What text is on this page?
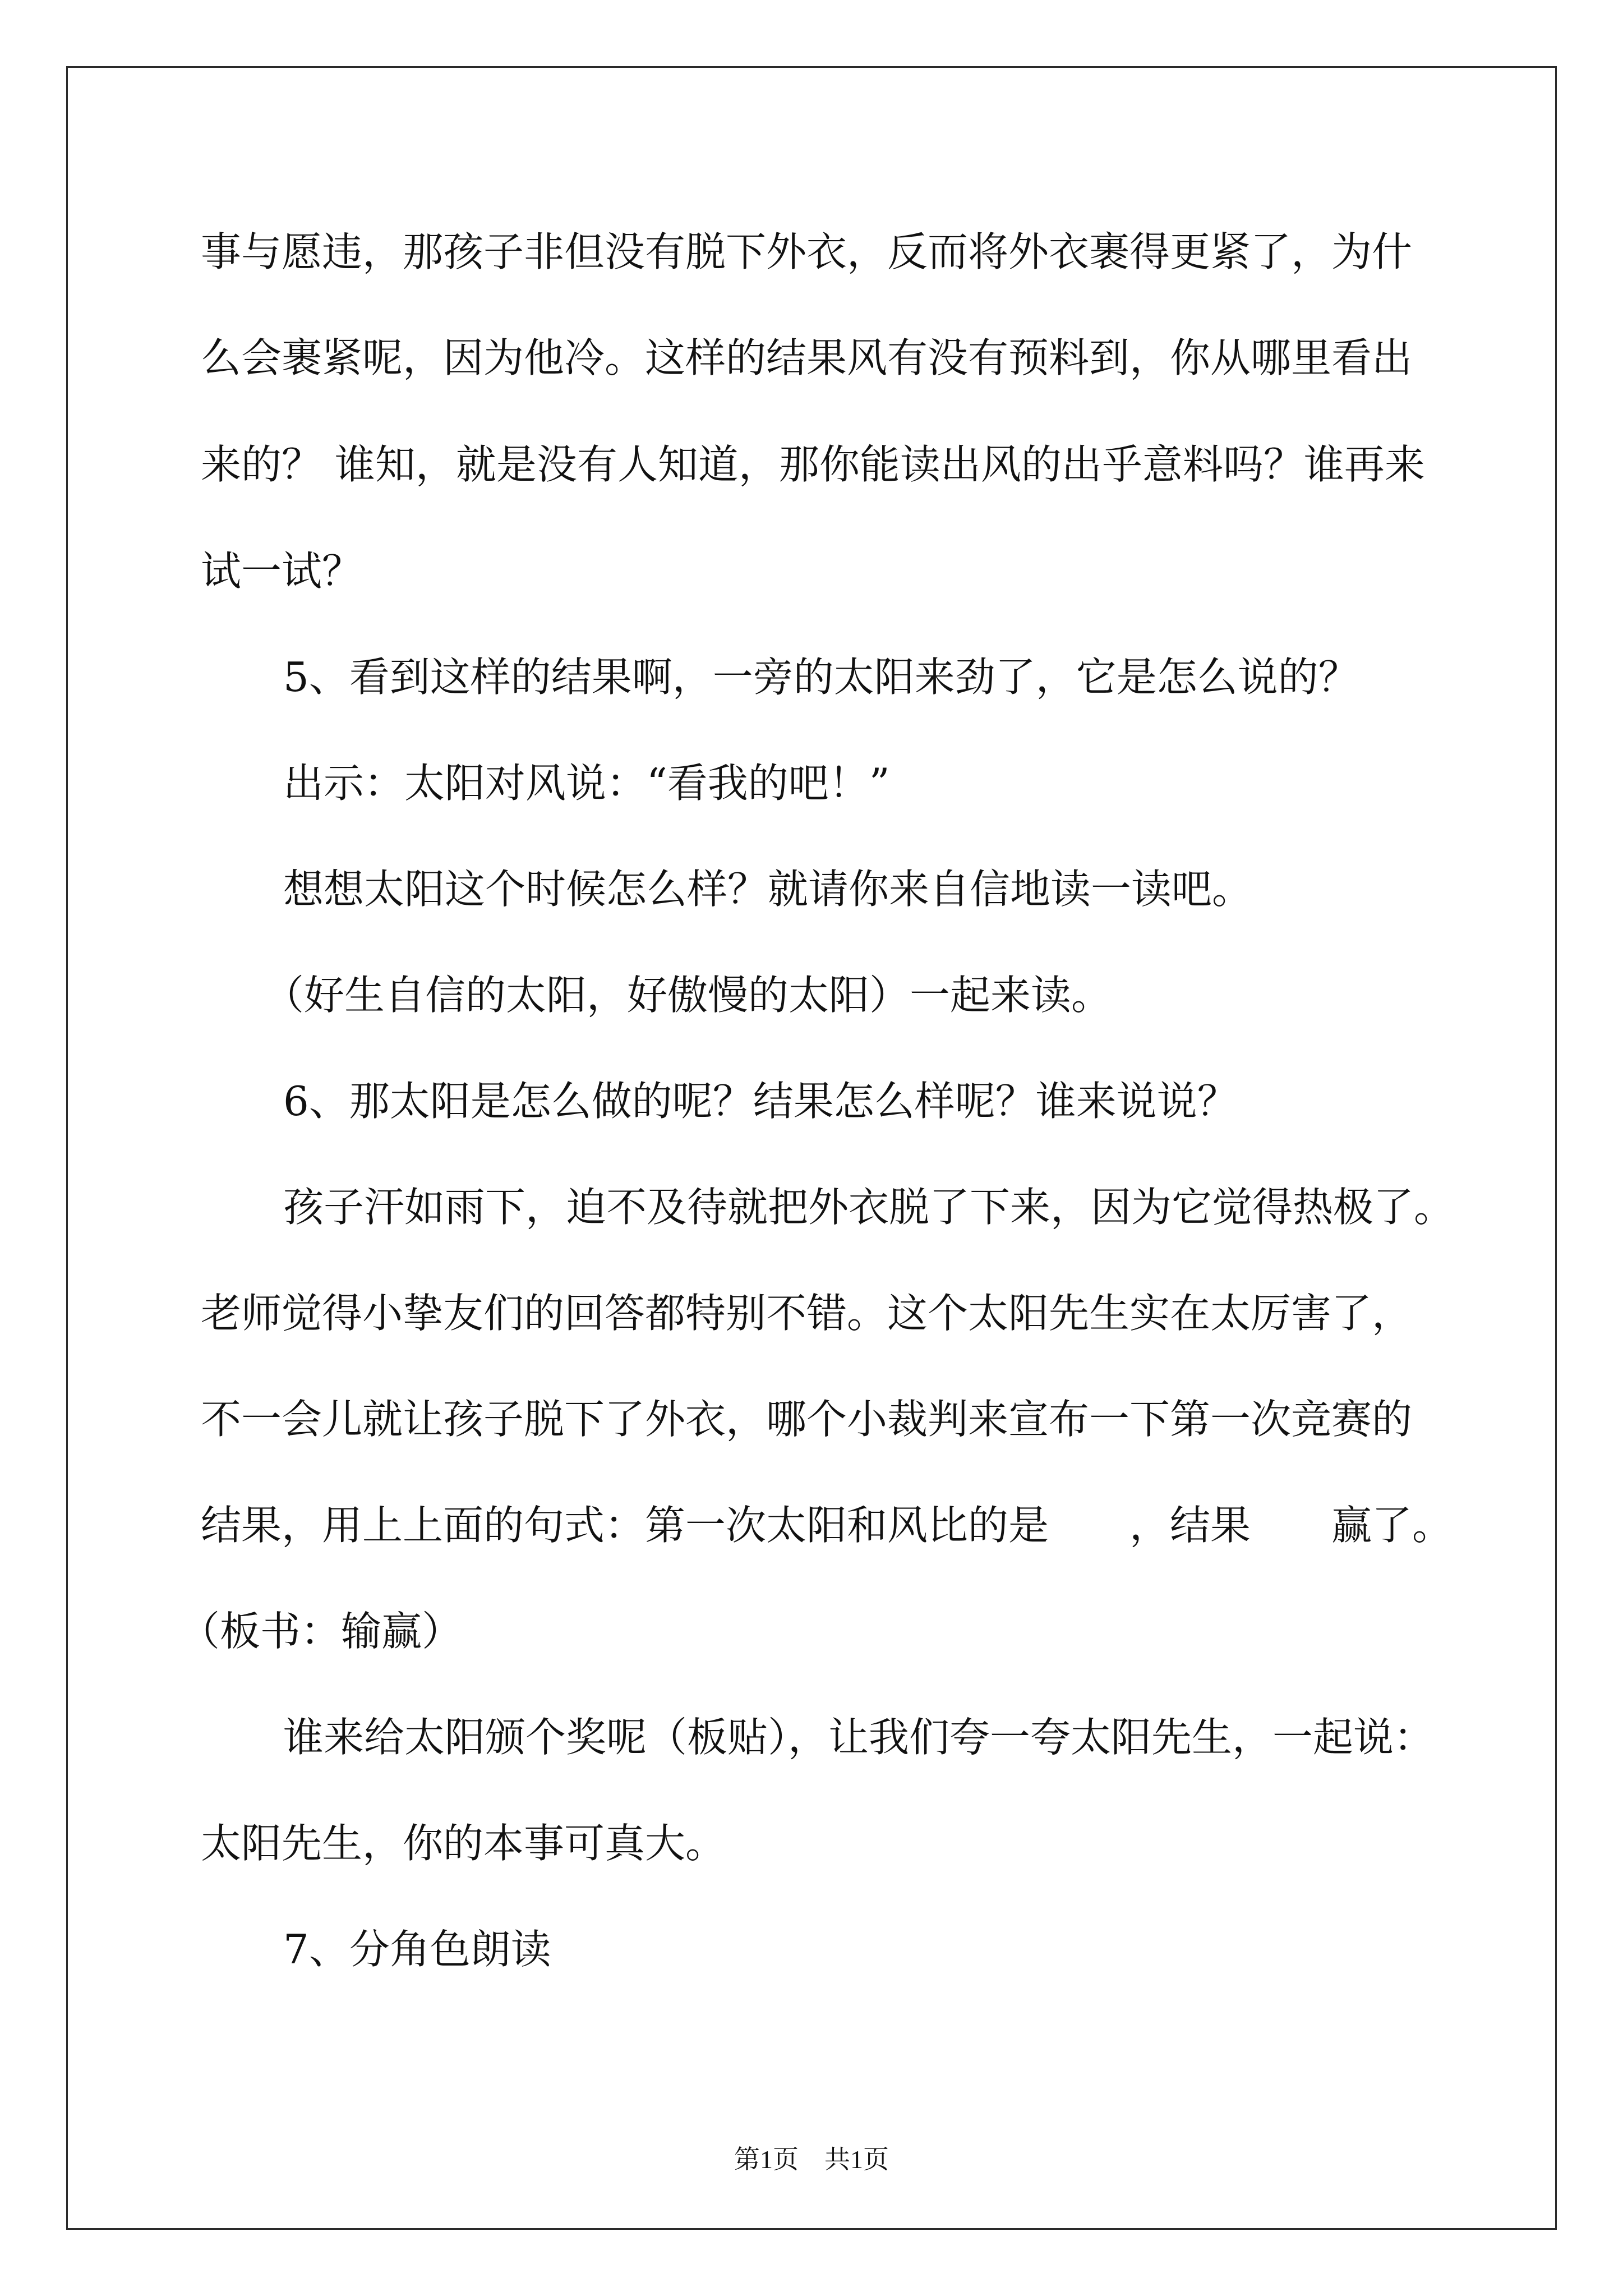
事与愿违，那孩子非但没有脱下外衣，反而将外衣裹得更紧了，为什
么会裹紧呢，因为他冷。这样的结果风有没有预料到，你从哪里看出
来的？ 谁知，就是没有人知道，那你能读出风的出乎意料吗？谁再来
试一试？
5、看到这样的结果啊，一旁的太阳来劲了，它是怎么说的？
出示：太阳对风说：“看我的吧！”
想想太阳这个时候怎么样？就请你来自信地读一读吧。
（好生自信的太阳，好傲慢的太阳）一起来读。
6、那太阳是怎么做的呢？结果怎么样呢？谁来说说？
孩子汗如雨下，迫不及待就把外衣脱了下来，因为它觉得热极了。
老师觉得小挚友们的回答都特别不错。这个太阳先生实在太厉害了，
不一会儿就让孩子脱下了外衣，哪个小裁判来宣布一下第一次竞赛的
结果，用上上面的句式：第一次太阳和风比的是　　，结果　　赢了。
（板书：输赢）
谁来给太阳颁个奖呢（板贴），让我们夸一夸太阳先生，一起说：
太阳先生，你的本事可真大。
7、分角色朗读
第1页　共1页
